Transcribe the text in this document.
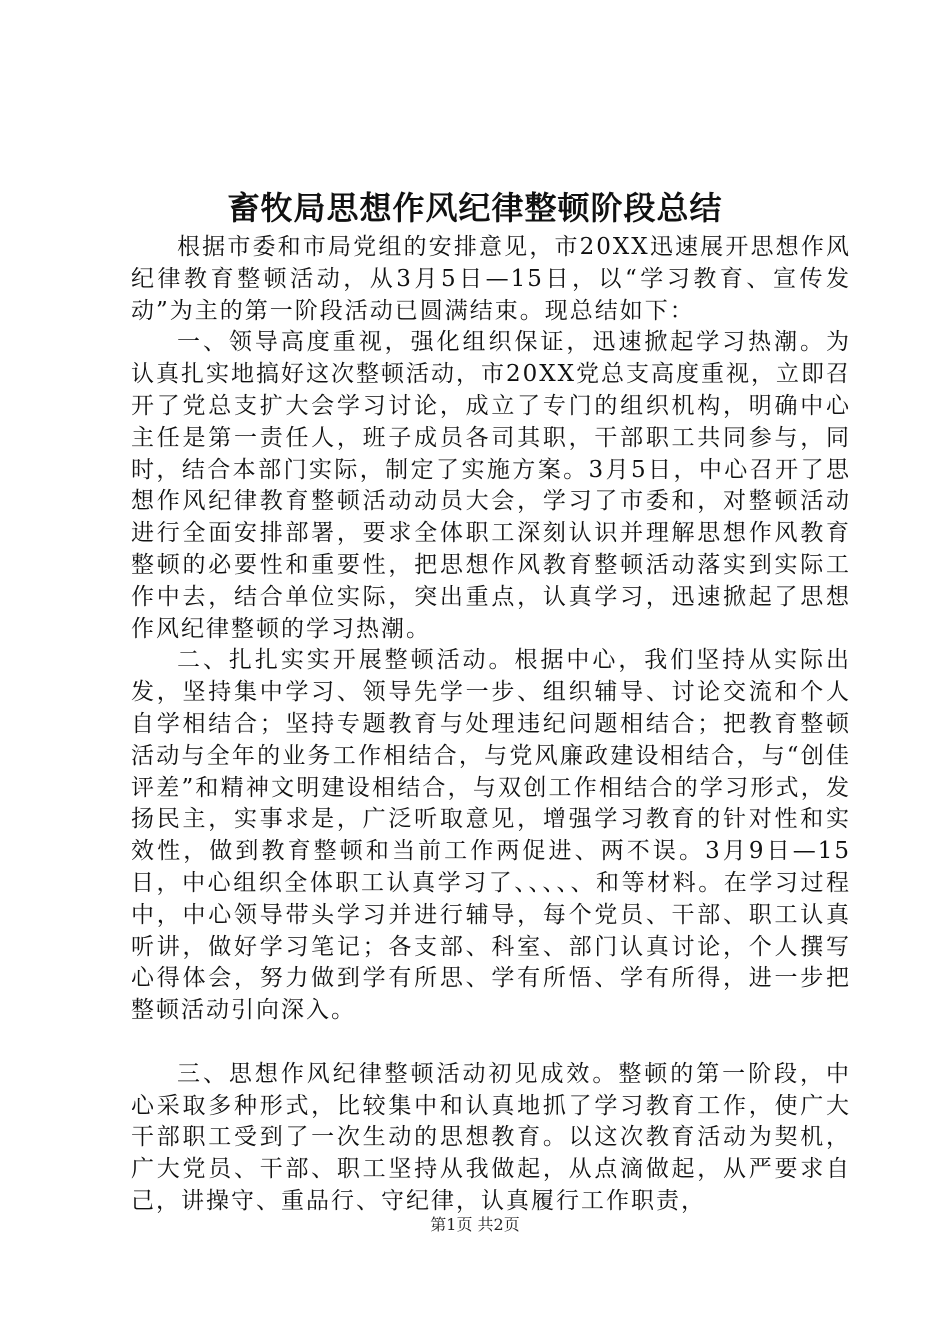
畜牧局思想作风纪律整顿阶段总结

根据市委和市局党组的安排意见，市20XX迅速展开思想作风纪律教育整顿活动，从3月5日—15日，以“学习教育、宣传发动”为主的第一阶段活动已圆满结束。现总结如下：

一、领导高度重视，强化组织保证，迅速掀起学习热潮。为认真扎实地搞好这次整顿活动，市20XX党总支高度重视，立即召开了党总支扩大会学习讨论，成立了专门的组织机构，明确中心主任是第一责任人，班子成员各司其职，干部职工共同参与，同时，结合本部门实际，制定了实施方案。3月5日，中心召开了思想作风纪律教育整顿活动动员大会，学习了市委和，对整顿活动进行全面安排部署，要求全体职工深刻认识并理解思想作风教育整顿的必要性和重要性，把思想作风教育整顿活动落实到实际工作中去，结合单位实际，突出重点，认真学习，迅速掀起了思想作风纪律整顿的学习热潮。

二、扎扎实实开展整顿活动。根据中心，我们坚持从实际出发，坚持集中学习、领导先学一步、组织辅导、讨论交流和个人自学相结合；坚持专题教育与处理违纪问题相结合；把教育整顿活动与全年的业务工作相结合，与党风廉政建设相结合，与“创佳评差”和精神文明建设相结合，与双创工作相结合的学习形式，发扬民主，实事求是，广泛听取意见，增强学习教育的针对性和实效性，做到教育整顿和当前工作两促进、两不误。3月9日—15日，中心组织全体职工认真学习了、、、、、和等材料。在学习过程中，中心领导带头学习并进行辅导，每个党员、干部、职工认真听讲，做好学习笔记；各支部、科室、部门认真讨论，个人撰写心得体会，努力做到学有所思、学有所悟、学有所得，进一步把整顿活动引向深入。

三、思想作风纪律整顿活动初见成效。整顿的第一阶段，中心采取多种形式，比较集中和认真地抓了学习教育工作，使广大干部职工受到了一次生动的思想教育。以这次教育活动为契机，广大党员、干部、职工坚持从我做起，从点滴做起，从严要求自己，讲操守、重品行、守纪律，认真履行工作职责，

第1页 共2页
